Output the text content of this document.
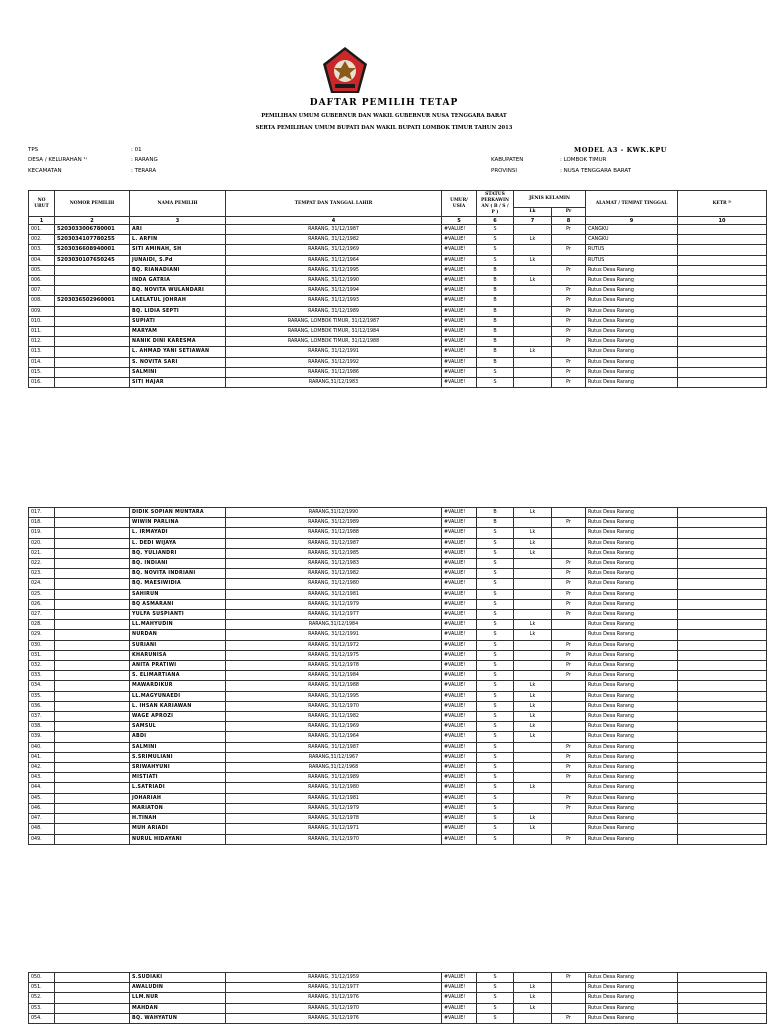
DAFTAR PEMILIH TETAP
PEMILIHAN UMUM GUBERNUR DAN WAKIL GUBERNUR NUSA TENGGARA BARAT
SERTA PEMILIHAN UMUM BUPATI DAN WAKIL BUPATI LOMBOK TIMUR TAHUN 2013
MODEL A3 - KWK.KPU
TPS	: 01
DESA / KELURAHAN ¹⁾	: RARANG
KECAMATAN	: TERARA
KABUPATEN	: LOMBOK TIMUR
PROVINSI	: NUSA TENGGARA BARAT
NO URUT	NOMOR PEMILIH	NAMA PEMILIH	TEMPAT DAN TANGGAL LAHIR	UMUR/ USIA	STATUS PERKAWIN AN ( B / S / P )	JENIS KELAMIN		ALAMAT / TEMPAT TINGGAL	KETR ²⁾
						Lk	Pr		
1	2	3	4	5	6	7	8	9	10
001.	5203033006780001	ARI	RARANG, 31/12/1987	#VALUE!	S		Pr	CANGKU	
002.	5203034107780255	L. ARFIN	RARANG, 31/12/1982	#VALUE!	S	Lk		CANGKU	
003.	5203036608940001	SITI AMINAH, SH	RARANG, 31/12/1969	#VALUE!	S		Pr	RUTUS	
004.	5203030107650245	JUNAIDI, S.Pd	RARANG, 31/12/1964	#VALUE!	S	Lk		RUTUS	
005.		BQ. RIANADIANI	RARANG, 31/12/1995	#VALUE!	B		Pr	Rutus Desa Rarang	
006.		INDA GATRIA	RARANG, 31/12/1990	#VALUE!	B	Lk		Rutus Desa Rarang	
007.		BQ. NOVITA WULANDARI	RARANG, 31/12/1994	#VALUE!	B		Pr	Rutus Desa Rarang	
008.	5203036502960001	LAELATUL JOHRAH	RARANG, 31/12/1993	#VALUE!	B		Pr	Rutus Desa Rarang	
009.		BQ. LIDIA SEPTI	RARANG, 31/12/1989	#VALUE!	B		Pr	Rutus Desa Rarang	
010.		SUPIATI	RARANG, LOMBOK TIMUR, 31/12/1987	#VALUE!	B		Pr	Rutus Desa Rarang	
011.		MARYAM	RARANG, LOMBOK TIMUR, 31/12/1984	#VALUE!	B		Pr	Rutus Desa Rarang	
012.		NANIK DINI KARESMA	RARANG, LOMBOK TIMUR, 31/12/1988	#VALUE!	B		Pr	Rutus Desa Rarang	
013.		L. AHMAD YANI SETIAWAN	RARANG, 31/12/1991	#VALUE!	B	Lk		Rutus Desa Rarang	
014.		S. NOVITA SARI	RARANG, 31/12/1992	#VALUE!	B		Pr	Rutus Desa Rarang	
015.		SALMINI	RARANG, 31/12/1986	#VALUE!	S		Pr	Rutus Desa Rarang	
016.		SITI HAJAR	RARANG,31/12/1983	#VALUE!	S		Pr	Rutus Desa Rarang	
017.		DIDIK SOPIAN MUNTARA	RARANG,31/12/1990	#VALUE!	B	Lk		Rutus Desa Rarang	
018.		WIWIN PARLINA	RARANG, 31/12/1989	#VALUE!	B		Pr	Rutus Desa Rarang	
019.		L. IRMAYADI	RARANG, 31/12/1988	#VALUE!	S	Lk		Rutus Desa Rarang	
020.		L. DEDI WIJAYA	RARANG, 31/12/1987	#VALUE!	S	Lk		Rutus Desa Rarang	
021.		BQ. YULIANDRI	RARANG, 31/12/1985	#VALUE!	S	Lk		Rutus Desa Rarang	
022.		BQ. INDIANI	RARANG, 31/12/1983	#VALUE!	S		Pr	Rutus Desa Rarang	
023.		BQ. NOVITA INDRIANI	RARANG, 31/12/1982	#VALUE!	S		Pr	Rutus Desa Rarang	
024.		BQ. MAESIWIDIA	RARANG, 31/12/1980	#VALUE!	S		Pr	Rutus Desa Rarang	
025.		SAHIRUN	RARANG, 31/12/1981	#VALUE!	S		Pr	Rutus Desa Rarang	
026.		BQ ASMARANI	RARANG, 31/12/1979	#VALUE!	S		Pr	Rutus Desa Rarang	
027.		YULFA SUSPIANTI	RARANG, 31/12/1977	#VALUE!	S		Pr	Rutus Desa Rarang	
028.		LL.MAHYUDIN	RARANG,31/12/1984	#VALUE!	S	Lk		Rutus Desa Rarang	
029.		NURDAN	RARANG, 31/12/1991	#VALUE!	S	Lk		Rutus Desa Rarang	
030.		SURIANI	RARANG, 31/12/1972	#VALUE!	S		Pr	Rutus Desa Rarang	
031.		KHARUNISA	RARANG, 31/12/1975	#VALUE!	S		Pr	Rutus Desa Rarang	
032.		ANITA PRATIWI	RARANG, 31/12/1978	#VALUE!	S		Pr	Rutus Desa Rarang	
033.		S. ELIMARTIANA	RARANG, 31/12/1984	#VALUE!	S		Pr	Rutus Desa Rarang	
034.		MAWARDIKUR	RARANG, 31/12/1988	#VALUE!	S	Lk		Rutus Desa Rarang	
035.		LL.MAGYUNAEDI	RARANG, 31/12/1995	#VALUE!	S	Lk		Rutus Desa Rarang	
036.		L. IHSAN KARIAWAN	RARANG, 31/12/1970	#VALUE!	S	Lk		Rutus Desa Rarang	
037.		WAGE APROZI	RARANG, 31/12/1982	#VALUE!	S	Lk		Rutus Desa Rarang	
038.		SAMSUL	RARANG, 31/12/1969	#VALUE!	S	Lk		Rutus Desa Rarang	
039.		ABDI	RARANG, 31/12/1964	#VALUE!	S	Lk		Rutus Desa Rarang	
040.		SALMINI	RARANG, 31/12/1987	#VALUE!	S		Pr	Rutus Desa Rarang	
041.		S.SRIMULIANI	RARANG,31/12/1967	#VALUE!	S		Pr	Rutus Desa Rarang	
042.		SRIWAHYUNI	RARANG,31/12/1968	#VALUE!	S		Pr	Rutus Desa Rarang	
043.		MISTIATI	RARANG, 31/12/1989	#VALUE!	S		Pr	Rutus Desa Rarang	
044.		L.SATRIADI	RARANG, 31/12/1980	#VALUE!	S	Lk		Rutus Desa Rarang	
045.		JOHARIAH	RARANG, 31/12/1981	#VALUE!	S		Pr	Rutus Desa Rarang	
046.		MARIATON	RARANG, 31/12/1979	#VALUE!	S		Pr	Rutus Desa Rarang	
047.		H.TINAH	RARANG, 31/12/1978	#VALUE!	S	Lk		Rutus Desa Rarang	
048.		MUH ARIADI	RARANG, 31/12/1971	#VALUE!	S	Lk		Rutus Desa Rarang	
049.		NURUL HIDAYANI	RARANG, 31/12/1970	#VALUE!	S		Pr	Rutus Desa Rarang	
050.		S.SUDIAKI	RARANG, 31/12/1959	#VALUE!	S		Pr	Rutus Desa Rarang	
051.		AWALUDIN	RARANG, 31/12/1977	#VALUE!	S	Lk		Rutus Desa Rarang	
052.		LLM.NUR	RARANG, 31/12/1976	#VALUE!	S	Lk		Rutus Desa Rarang	
053.		MAHDAN	RARANG, 31/12/1970	#VALUE!	S	Lk		Rutus Desa Rarang	
054.		BQ. WAHYATUN	RARANG, 31/12/1976	#VALUE!	S		Pr	Rutus Desa Rarang	
